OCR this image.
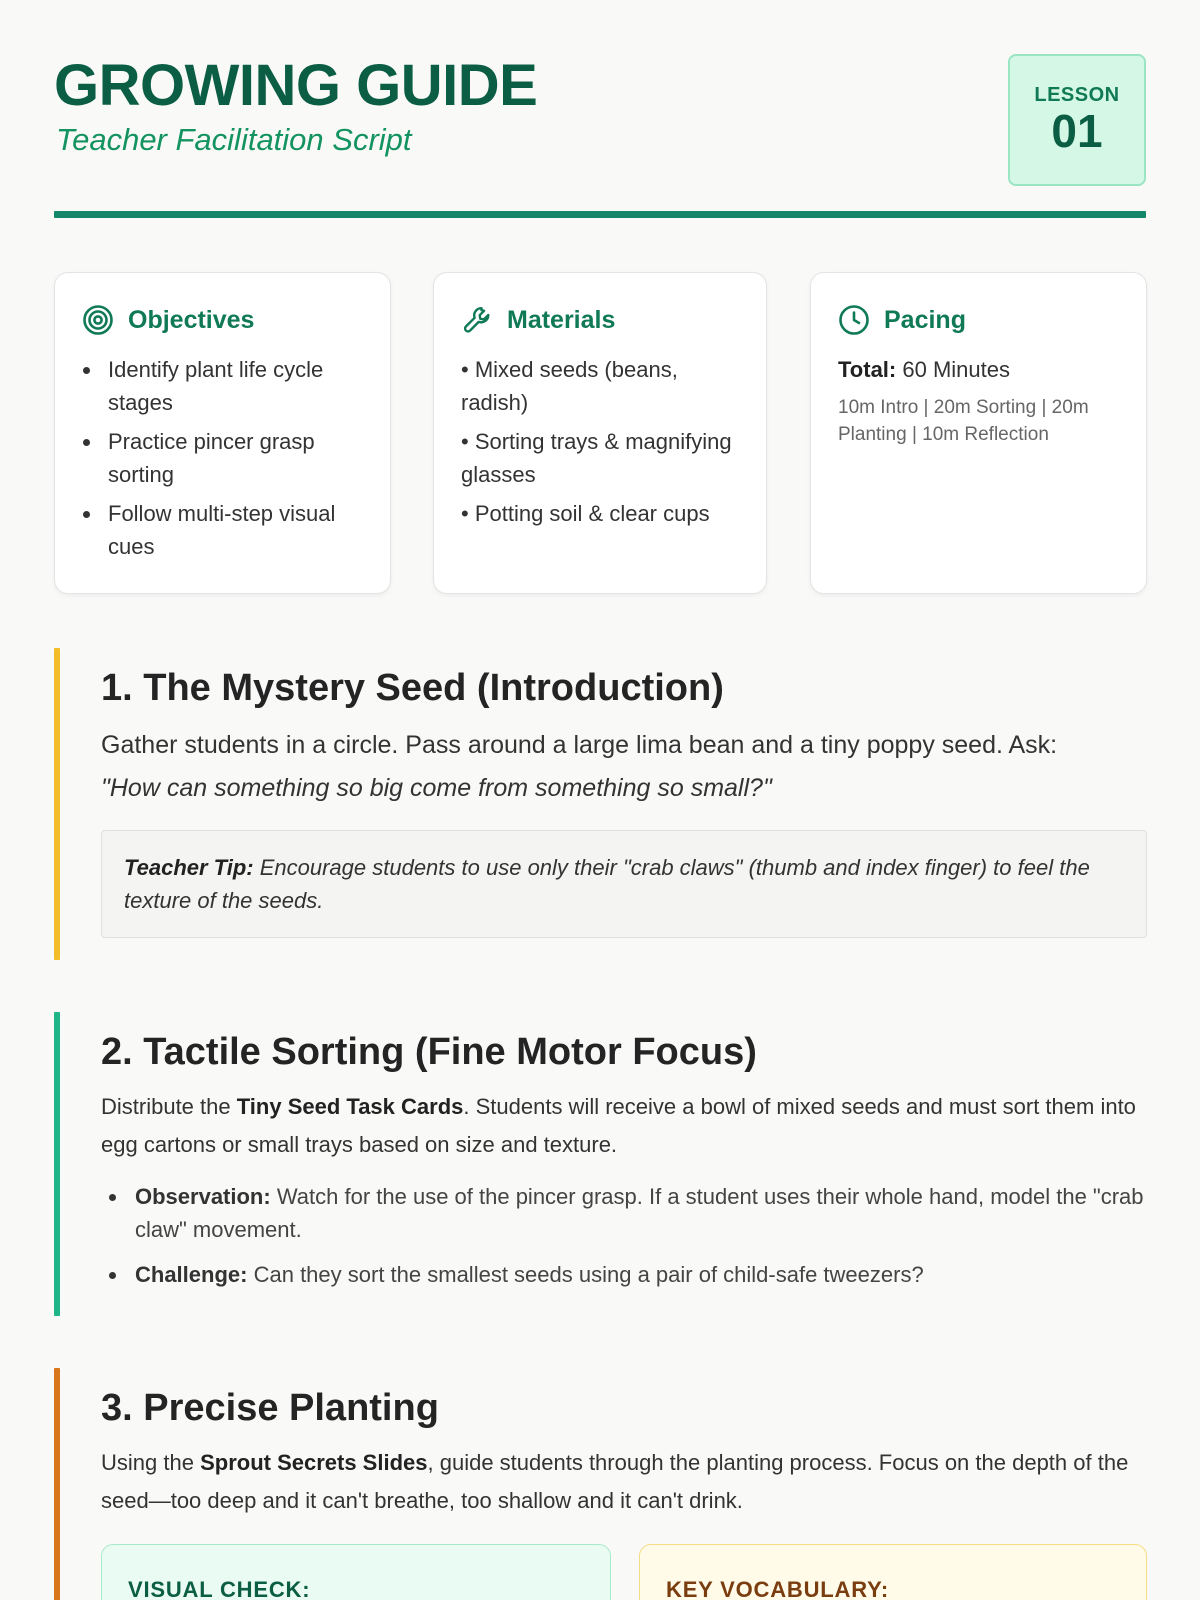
GROWING GUIDE
Teacher Facilitation Script
LESSON
01
Objectives
Identify plant life cycle stages
Practice pincer grasp sorting
Follow multi-step visual cues
Materials
• Mixed seeds (beans, radish)
• Sorting trays & magnifying glasses
• Potting soil & clear cups
Pacing
Total: 60 Minutes
10m Intro | 20m Sorting | 20m Planting | 10m Reflection
1. The Mystery Seed (Introduction)
Gather students in a circle. Pass around a large lima bean and a tiny poppy seed. Ask:
"How can something so big come from something so small?"
Teacher Tip: Encourage students to use only their "crab claws" (thumb and index finger) to feel the texture of the seeds.
2. Tactile Sorting (Fine Motor Focus)
Distribute the Tiny Seed Task Cards. Students will receive a bowl of mixed seeds and must sort them into egg cartons or small trays based on size and texture.
Observation: Watch for the use of the pincer grasp. If a student uses their whole hand, model the "crab claw" movement.
Challenge: Can they sort the smallest seeds using a pair of child-safe tweezers?
3. Precise Planting
Using the Sprout Secrets Slides, guide students through the planting process. Focus on the depth of the seed—too deep and it can't breathe, too shallow and it can't drink.
VISUAL CHECK:	KEY VOCABULARY:
